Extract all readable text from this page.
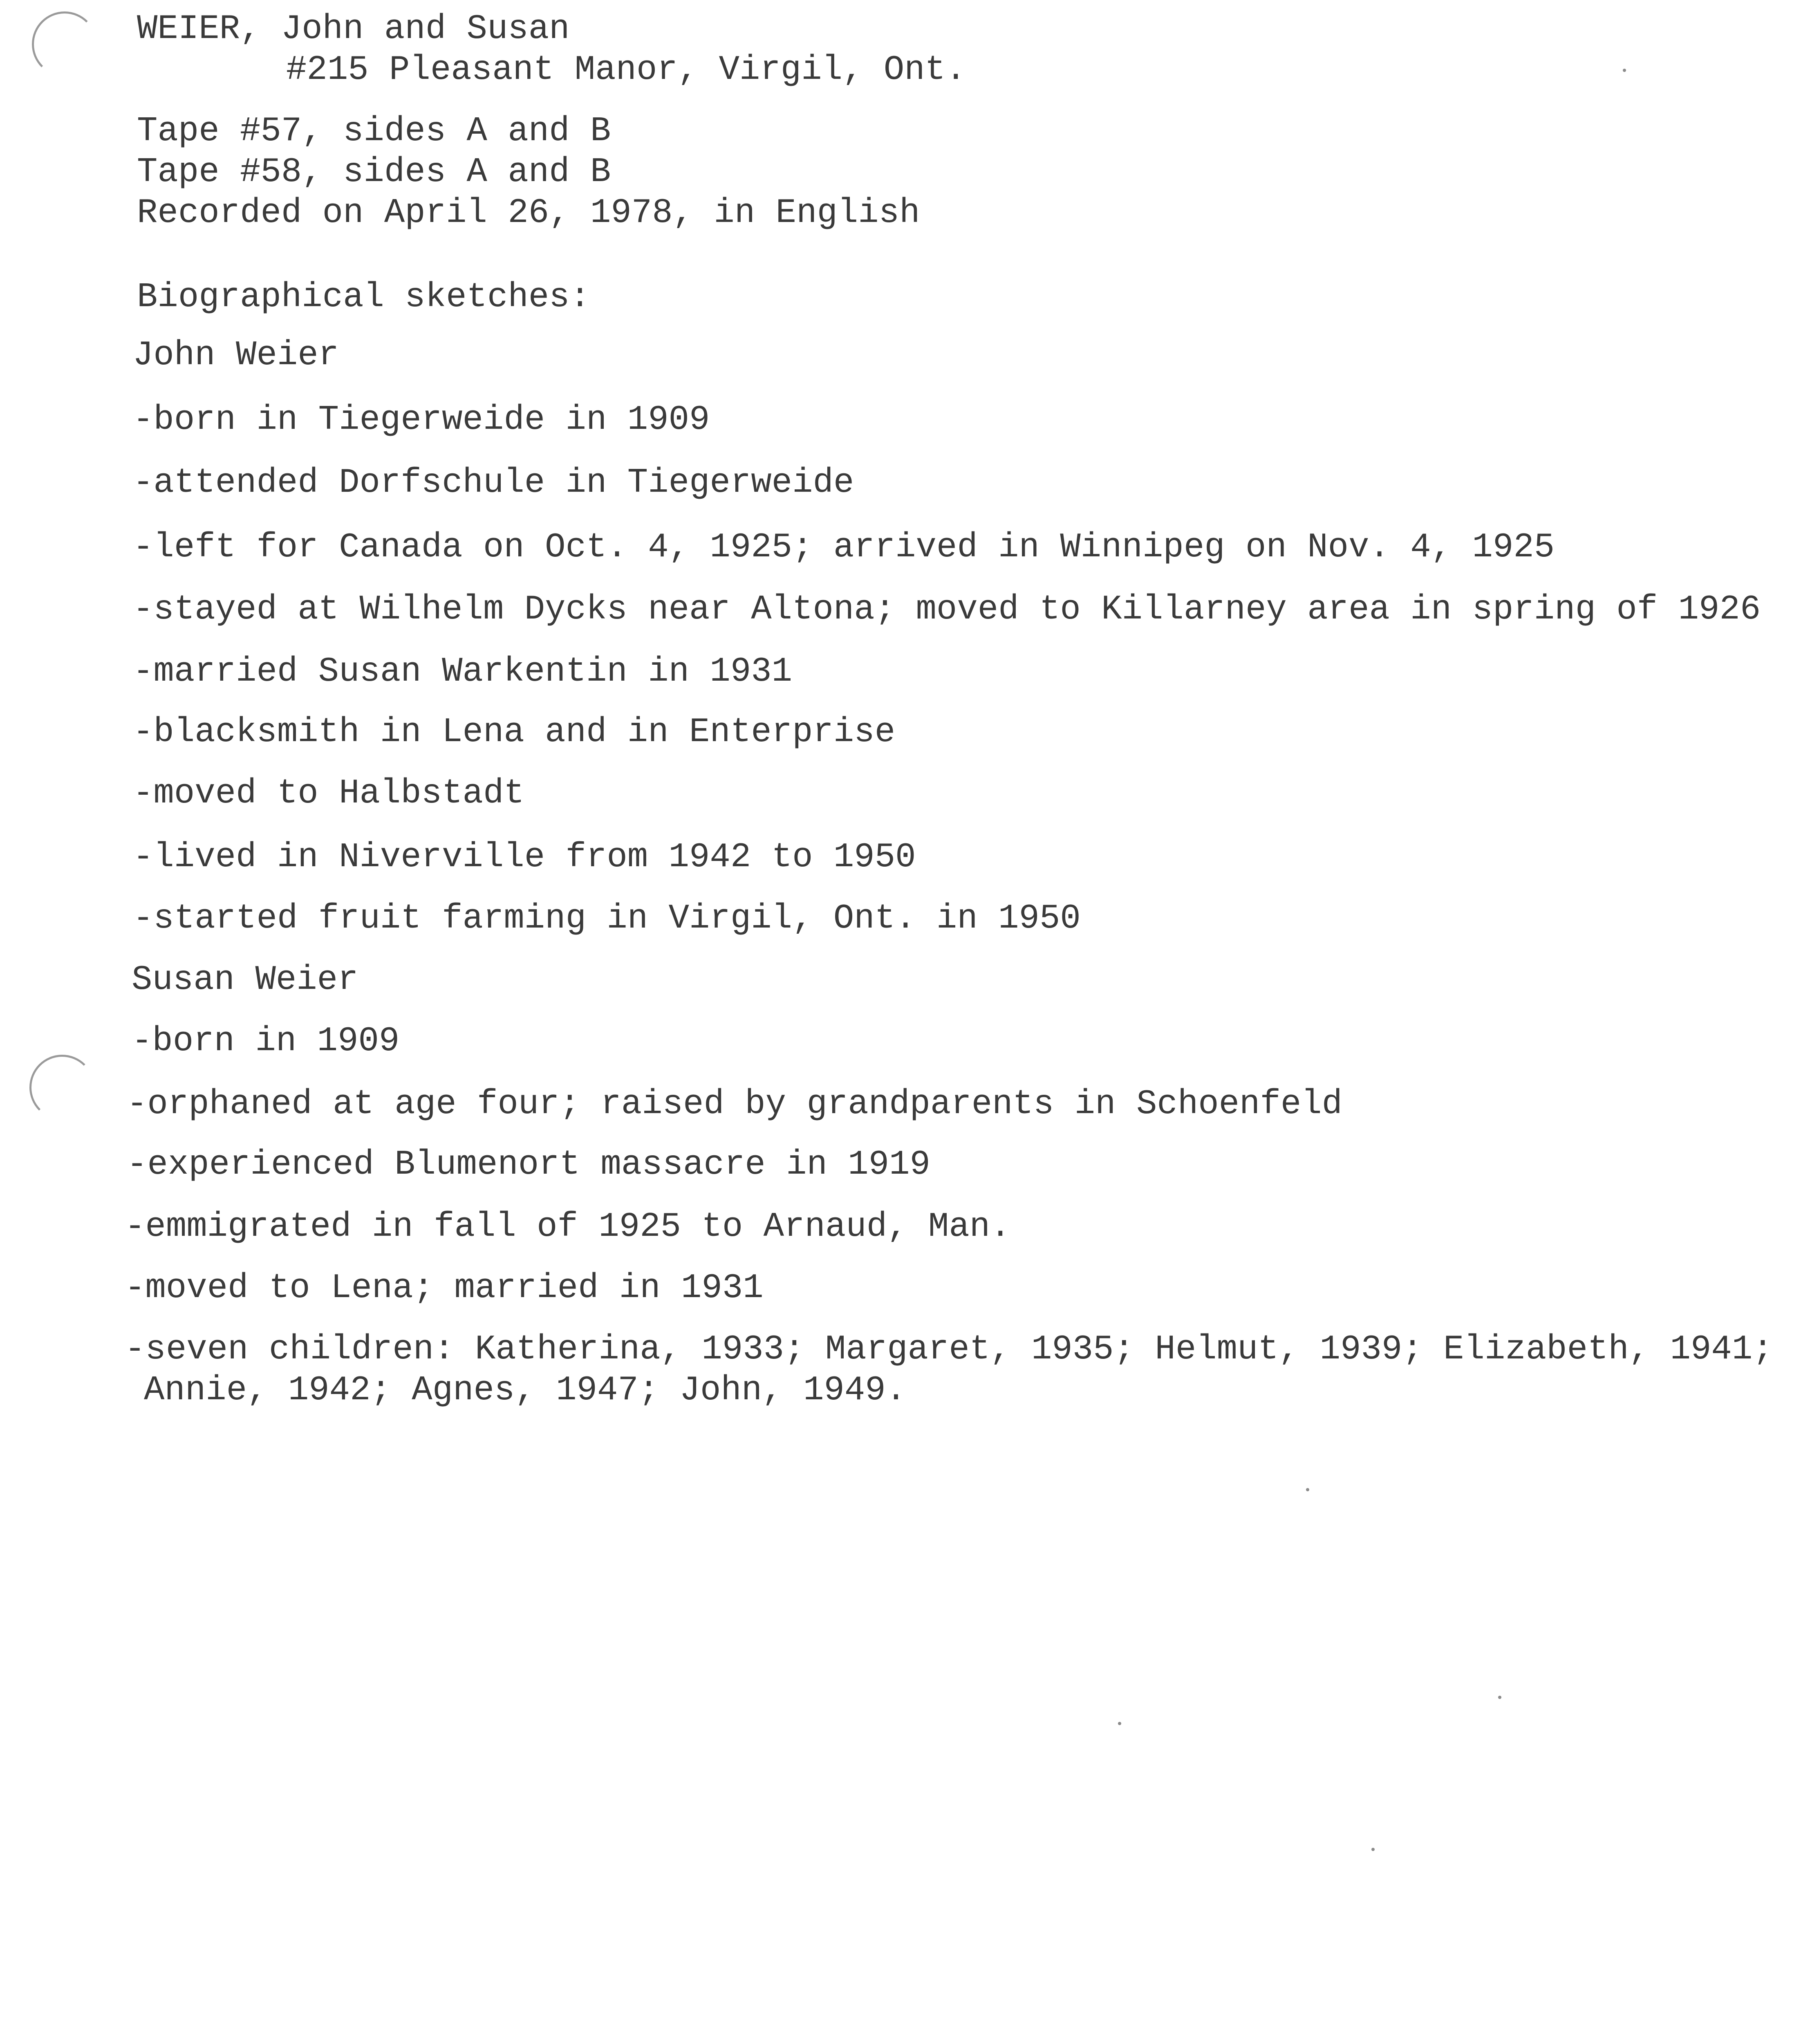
WEIER, John and Susan
#215 Pleasant Manor, Virgil, Ont.
Tape #57, sides A and B
Tape #58, sides A and B
Recorded on April 26, 1978, in English
Biographical sketches:
John Weier
-born in Tiegerweide in 1909
-attended Dorfschule in Tiegerweide
-left for Canada on Oct. 4, 1925; arrived in Winnipeg on Nov. 4, 1925
-stayed at Wilhelm Dycks near Altona; moved to Killarney area in spring of 1926
-married Susan Warkentin in 1931
-blacksmith in Lena and in Enterprise
-moved to Halbstadt
-lived in Niverville from 1942 to 1950
-started fruit farming in Virgil, Ont. in 1950
Susan Weier
-born in 1909
-orphaned at age four; raised by grandparents in Schoenfeld
-experienced Blumenort massacre in 1919
-emmigrated in fall of 1925 to Arnaud, Man.
-moved to Lena; married in 1931
-seven children: Katherina, 1933; Margaret, 1935; Helmut, 1939; Elizabeth, 1941;
Annie, 1942; Agnes, 1947; John, 1949.
